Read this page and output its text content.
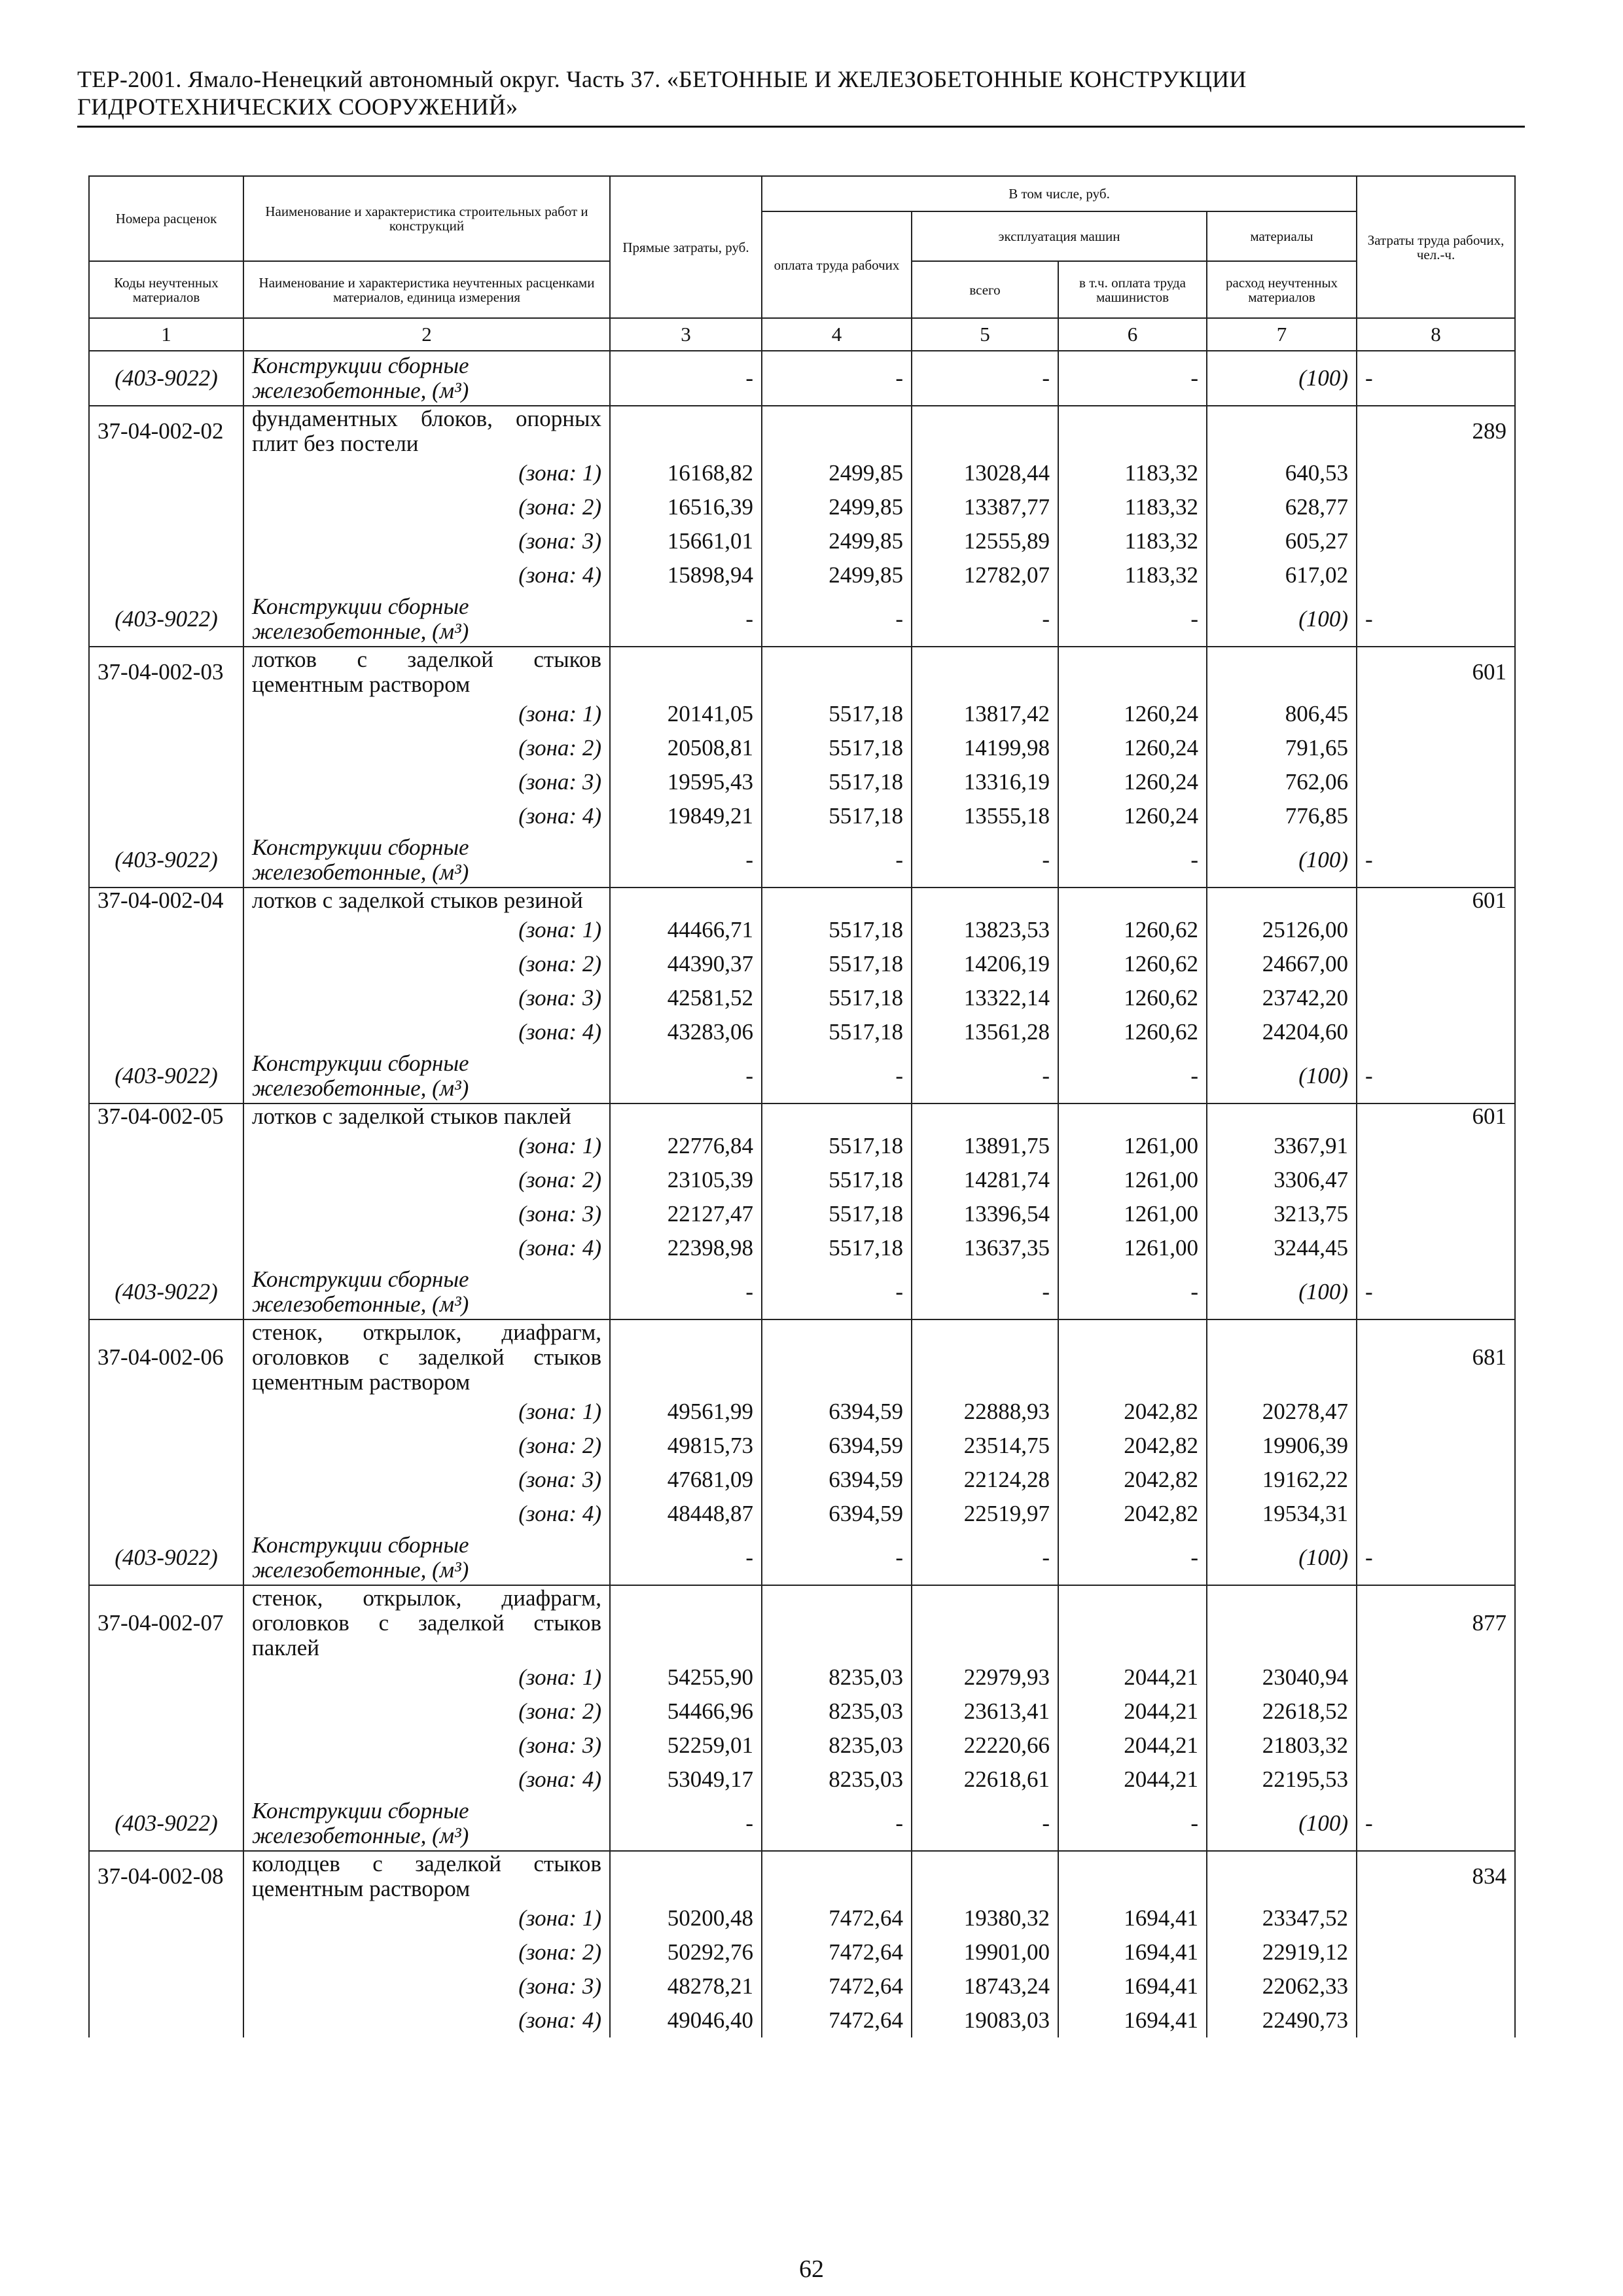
ТЕР-2001. Ямало-Ненецкий автономный округ. Часть 37. «БЕТОННЫЕ И ЖЕЛЕЗОБЕТОННЫЕ КОНСТРУКЦИИ
ГИДРОТЕХНИЧЕСКИХ СООРУЖЕНИЙ»
Номера расценок	Наименование и характеристика строительных работ и конструкций	Прямые затраты, руб.	В том числе, руб.				Затраты труда рабочих, чел.-ч.
			оплата труда рабочих	эксплуатация машин		материалы	
Коды неучтенных материалов	Наименование и характеристика неучтенных расценками материалов, единица измерения			всего	в т.ч. оплата труда машинистов	расход неучтенных материалов	
1	2	3	4	5	6	7	8
(403-9022)	Конструкции сборные железобетонные, (м³)	-	-	-	-	(100)	-
37-04-002-02	фундаментных блоков, опорных плит без постели						289
	(зона: 1)	16168,82	2499,85	13028,44	1183,32	640,53	
	(зона: 2)	16516,39	2499,85	13387,77	1183,32	628,77	
	(зона: 3)	15661,01	2499,85	12555,89	1183,32	605,27	
	(зона: 4)	15898,94	2499,85	12782,07	1183,32	617,02	
(403-9022)	Конструкции сборные железобетонные, (м³)	-	-	-	-	(100)	-
37-04-002-03	лотков с заделкой стыков цементным раствором						601
	(зона: 1)	20141,05	5517,18	13817,42	1260,24	806,45	
	(зона: 2)	20508,81	5517,18	14199,98	1260,24	791,65	
	(зона: 3)	19595,43	5517,18	13316,19	1260,24	762,06	
	(зона: 4)	19849,21	5517,18	13555,18	1260,24	776,85	
(403-9022)	Конструкции сборные железобетонные, (м³)	-	-	-	-	(100)	-
37-04-002-04	лотков с заделкой стыков резиной						601
	(зона: 1)	44466,71	5517,18	13823,53	1260,62	25126,00	
	(зона: 2)	44390,37	5517,18	14206,19	1260,62	24667,00	
	(зона: 3)	42581,52	5517,18	13322,14	1260,62	23742,20	
	(зона: 4)	43283,06	5517,18	13561,28	1260,62	24204,60	
(403-9022)	Конструкции сборные железобетонные, (м³)	-	-	-	-	(100)	-
37-04-002-05	лотков с заделкой стыков паклей						601
	(зона: 1)	22776,84	5517,18	13891,75	1261,00	3367,91	
	(зона: 2)	23105,39	5517,18	14281,74	1261,00	3306,47	
	(зона: 3)	22127,47	5517,18	13396,54	1261,00	3213,75	
	(зона: 4)	22398,98	5517,18	13637,35	1261,00	3244,45	
(403-9022)	Конструкции сборные железобетонные, (м³)	-	-	-	-	(100)	-
37-04-002-06	стенок, открылок, диафрагм, оголовков с заделкой стыков цементным раствором						681
	(зона: 1)	49561,99	6394,59	22888,93	2042,82	20278,47	
	(зона: 2)	49815,73	6394,59	23514,75	2042,82	19906,39	
	(зона: 3)	47681,09	6394,59	22124,28	2042,82	19162,22	
	(зона: 4)	48448,87	6394,59	22519,97	2042,82	19534,31	
(403-9022)	Конструкции сборные железобетонные, (м³)	-	-	-	-	(100)	-
37-04-002-07	стенок, открылок, диафрагм, оголовков с заделкой стыков паклей						877
	(зона: 1)	54255,90	8235,03	22979,93	2044,21	23040,94	
	(зона: 2)	54466,96	8235,03	23613,41	2044,21	22618,52	
	(зона: 3)	52259,01	8235,03	22220,66	2044,21	21803,32	
	(зона: 4)	53049,17	8235,03	22618,61	2044,21	22195,53	
(403-9022)	Конструкции сборные железобетонные, (м³)	-	-	-	-	(100)	-
37-04-002-08	колодцев с заделкой стыков цементным раствором						834
	(зона: 1)	50200,48	7472,64	19380,32	1694,41	23347,52	
	(зона: 2)	50292,76	7472,64	19901,00	1694,41	22919,12	
	(зона: 3)	48278,21	7472,64	18743,24	1694,41	22062,33	
	(зона: 4)	49046,40	7472,64	19083,03	1694,41	22490,73	
62
